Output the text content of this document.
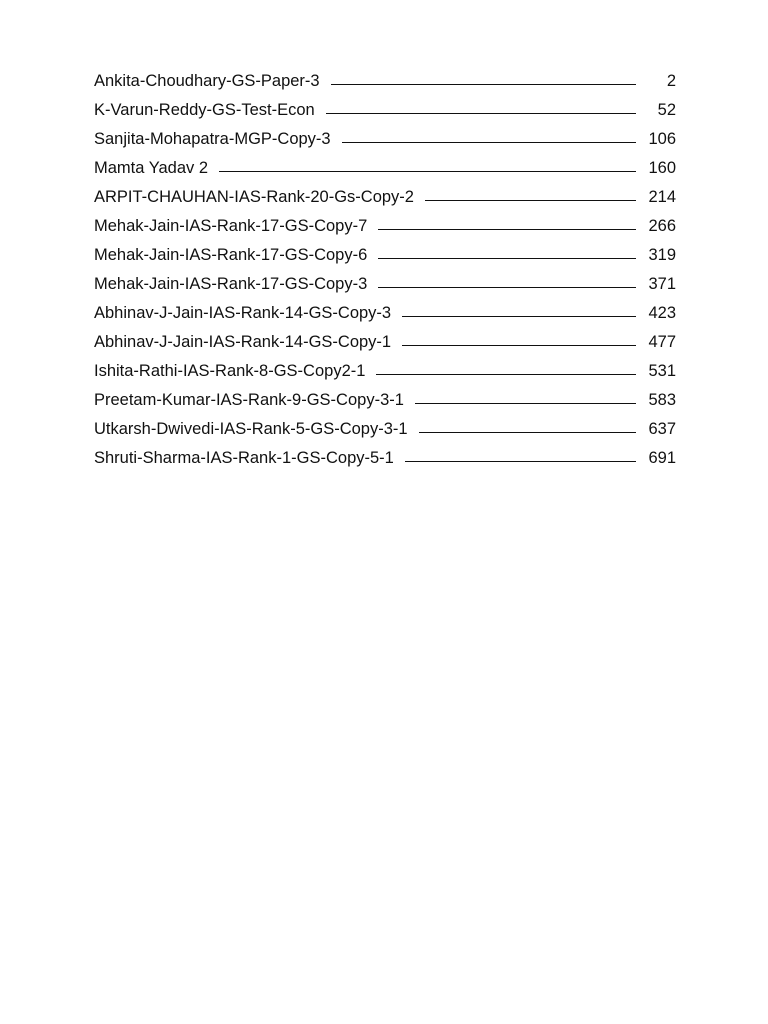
Ankita-Choudhary-GS-Paper-3	2
K-Varun-Reddy-GS-Test-Econ	52
Sanjita-Mohapatra-MGP-Copy-3	106
Mamta Yadav 2	160
ARPIT-CHAUHAN-IAS-Rank-20-Gs-Copy-2	214
Mehak-Jain-IAS-Rank-17-GS-Copy-7	266
Mehak-Jain-IAS-Rank-17-GS-Copy-6	319
Mehak-Jain-IAS-Rank-17-GS-Copy-3	371
Abhinav-J-Jain-IAS-Rank-14-GS-Copy-3	423
Abhinav-J-Jain-IAS-Rank-14-GS-Copy-1	477
Ishita-Rathi-IAS-Rank-8-GS-Copy2-1	531
Preetam-Kumar-IAS-Rank-9-GS-Copy-3-1	583
Utkarsh-Dwivedi-IAS-Rank-5-GS-Copy-3-1	637
Shruti-Sharma-IAS-Rank-1-GS-Copy-5-1	691
